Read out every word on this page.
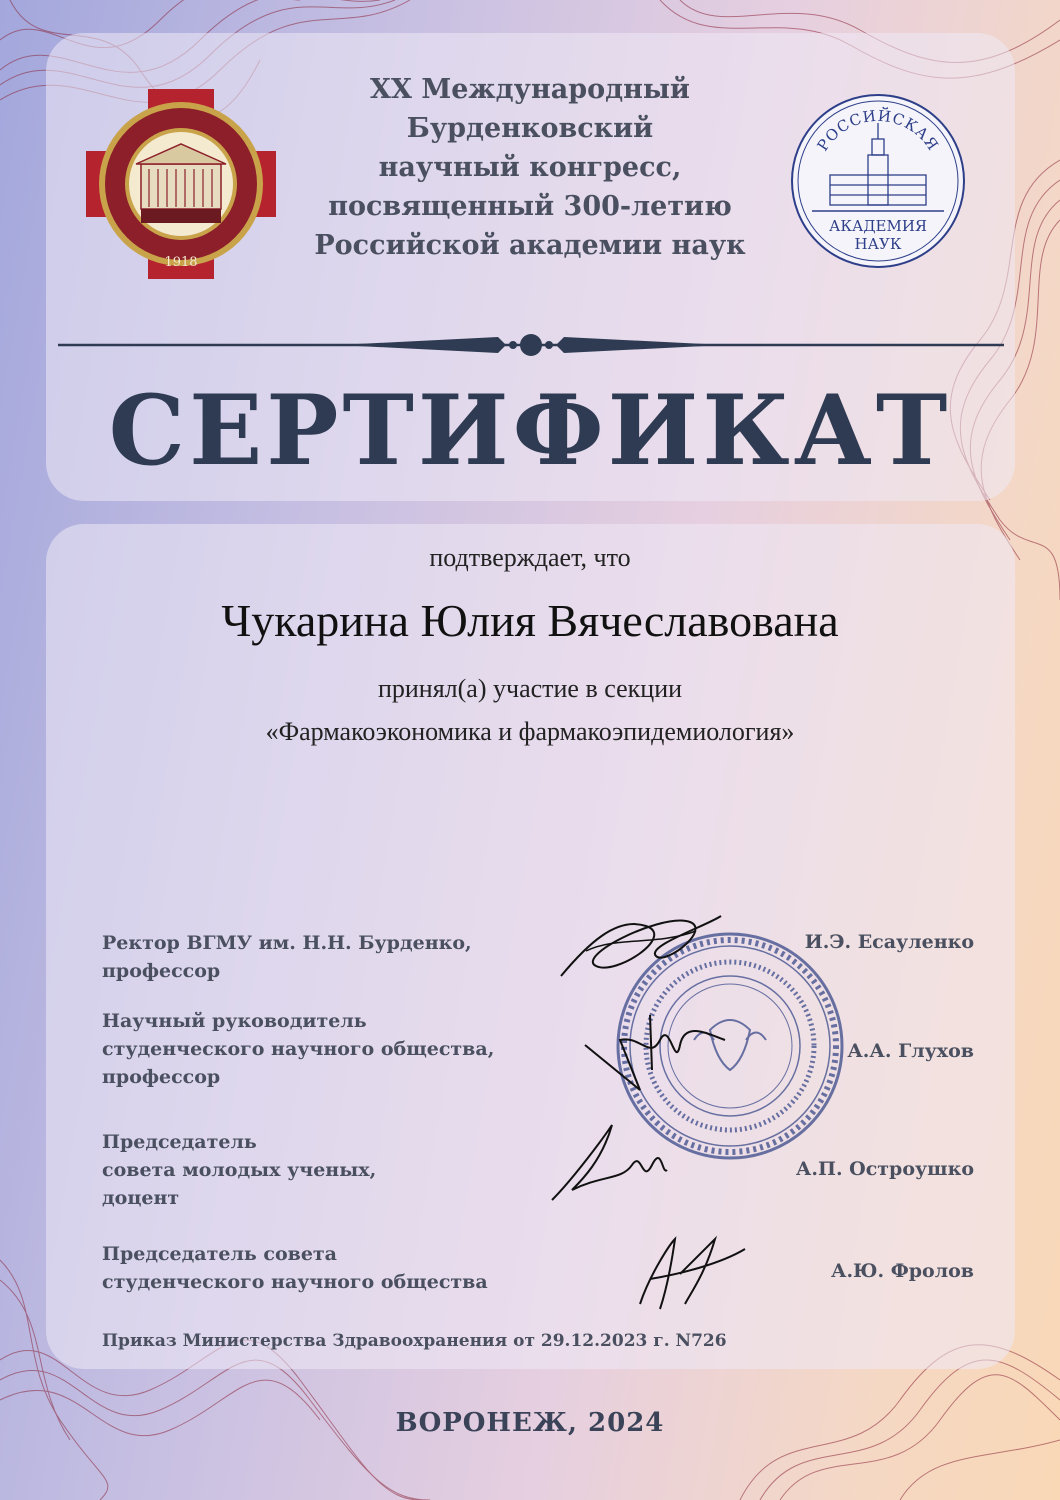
1918
РОССИЙСКАЯ
АКАДЕМИЯ
НАУК
XX Международный
Бурденковский
научный конгресс,
посвященный 300-летию
Российской академии наук
СЕРТИФИКАТ
подтверждает, что
Чукарина Юлия Вячеславована
принял(а) участие в секции
«Фармакоэкономика и фармакоэпидемиология»
Ректор ВГМУ им. Н.Н. Бурденко,
профессор
И.Э. Есауленко
Научный руководитель
студенческого научного общества,
профессор
А.А. Глухов
Председатель
совета молодых ученых,
доцент
А.П. Остроушко
Председатель совета
студенческого научного общества	А.Ю. Фролов
Приказ Министерства Здравоохранения от 29.12.2023 г. N726
ВОРОНЕЖ, 2024
